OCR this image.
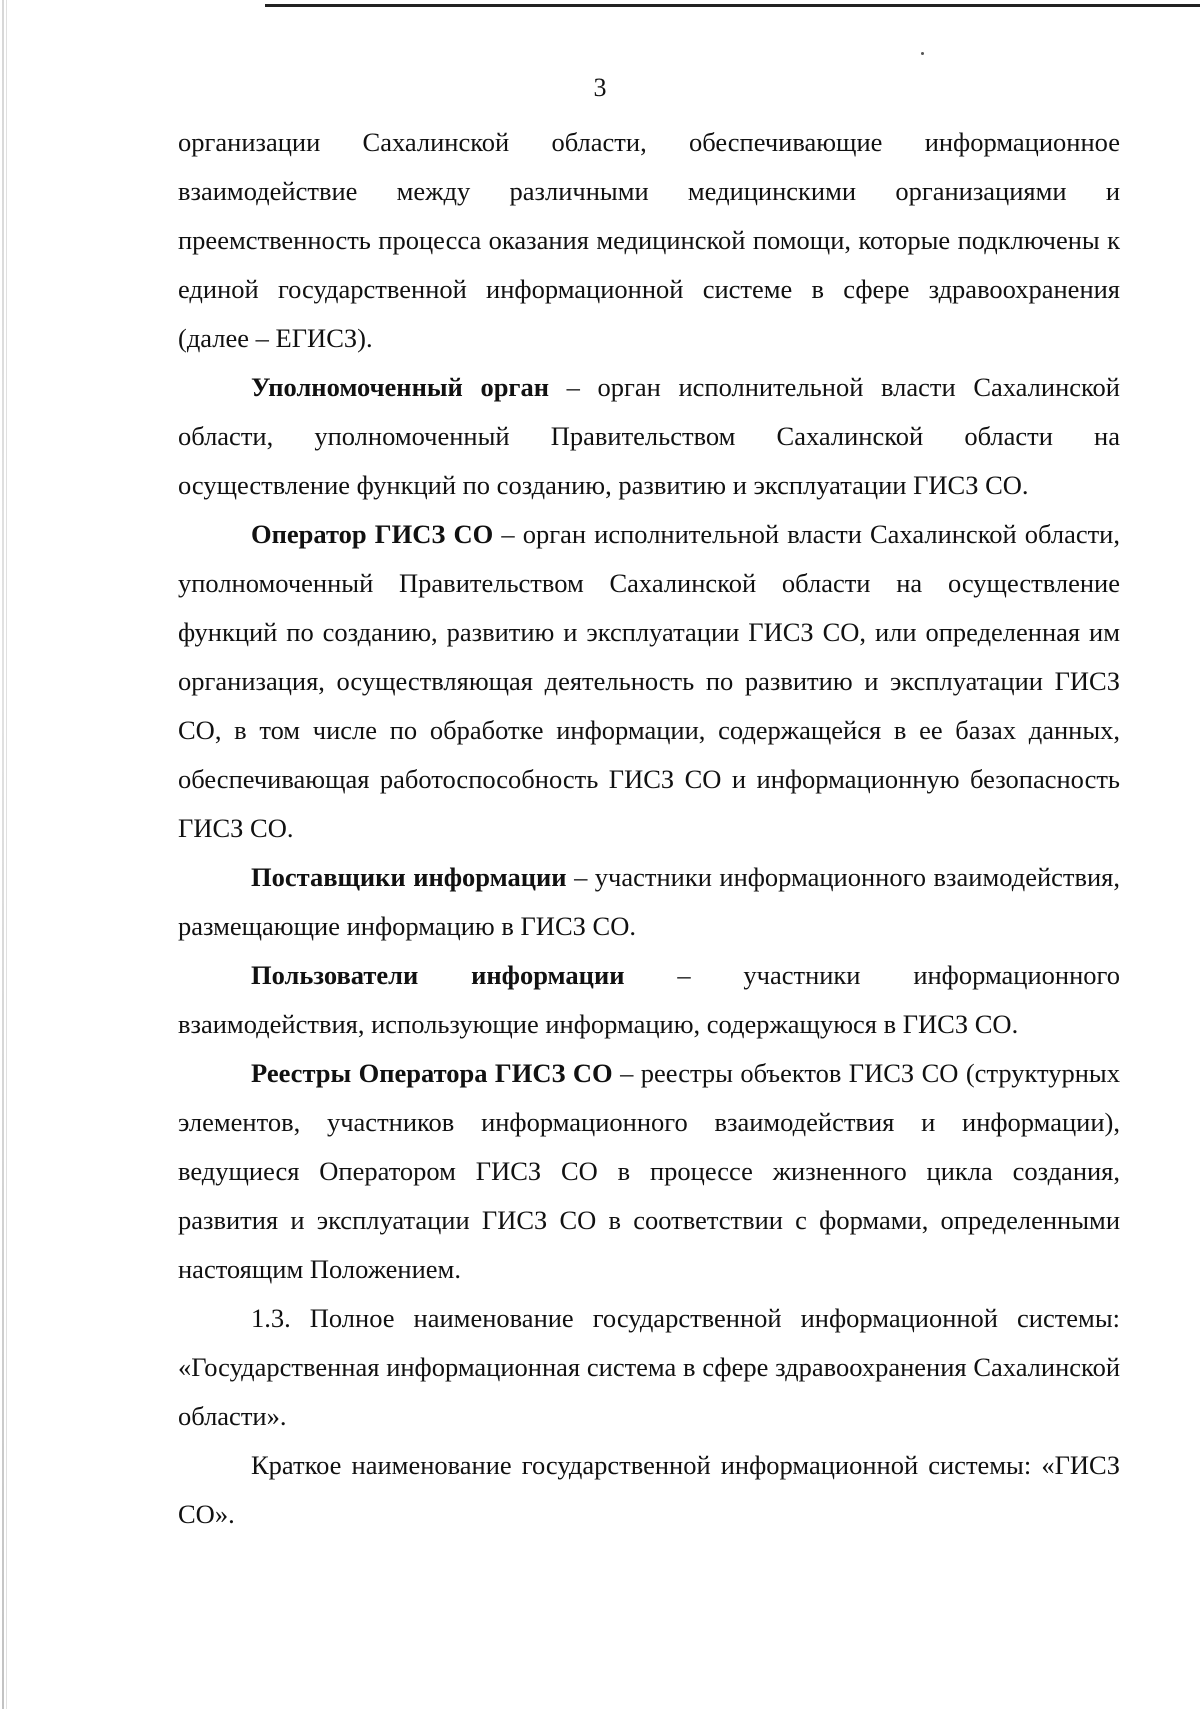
3

организации Сахалинской области, обеспечивающие информационное взаимодействие между различными медицинскими организациями и преемственность процесса оказания медицинской помощи, которые подключены к единой государственной информационной системе в сфере здравоохранения (далее – ЕГИСЗ).

Уполномоченный орган – орган исполнительной власти Сахалинской области, уполномоченный Правительством Сахалинской области на осуществление функций по созданию, развитию и эксплуатации ГИСЗ СО.

Оператор ГИСЗ СО – орган исполнительной власти Сахалинской области, уполномоченный Правительством Сахалинской области на осуществление функций по созданию, развитию и эксплуатации ГИСЗ СО, или определенная им организация, осуществляющая деятельность по развитию и эксплуатации ГИСЗ СО, в том числе по обработке информации, содержащейся в ее базах данных, обеспечивающая работоспособность ГИСЗ СО и информационную безопасность ГИСЗ СО.

Поставщики информации – участники информационного взаимодействия, размещающие информацию в ГИСЗ СО.

Пользователи информации – участники информационного взаимодействия, использующие информацию, содержащуюся в ГИСЗ СО.

Реестры Оператора ГИСЗ СО – реестры объектов ГИСЗ СО (структурных элементов, участников информационного взаимодействия и информации), ведущиеся Оператором ГИСЗ СО в процессе жизненного цикла создания, развития и эксплуатации ГИСЗ СО в соответствии с формами, определенными настоящим Положением.

1.3. Полное наименование государственной информационной системы: «Государственная информационная система в сфере здравоохранения Сахалинской области».

Краткое наименование государственной информационной системы: «ГИСЗ СО».
